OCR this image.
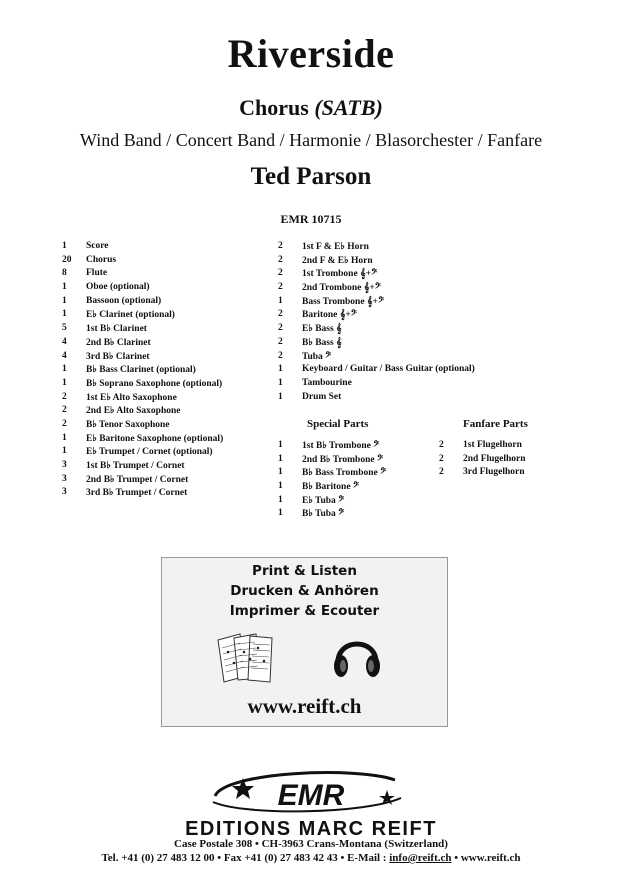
Riverside
Chorus (SATB)
Wind Band / Concert Band / Harmonie / Blasorchester / Fanfare
Ted Parson
EMR 10715
1	Score
20	Chorus
8	Flute
1	Oboe (optional)
1	Bassoon (optional)
1	E♭ Clarinet (optional)
5	1st B♭ Clarinet
4	2nd B♭ Clarinet
4	3rd B♭ Clarinet
1	B♭ Bass Clarinet (optional)
1	B♭ Soprano Saxophone (optional)
2	1st E♭ Alto Saxophone
2	2nd E♭ Alto Saxophone
2	B♭ Tenor Saxophone
1	E♭ Baritone Saxophone (optional)
1	E♭ Trumpet / Cornet (optional)
3	1st B♭ Trumpet / Cornet
3	2nd B♭ Trumpet / Cornet
3	3rd B♭ Trumpet / Cornet
2	1st F & E♭ Horn
2	2nd F & E♭ Horn
2	1st Trombone 𝄞+𝄢
2	2nd Trombone 𝄞+𝄢
1	Bass Trombone 𝄞+𝄢
2	Baritone 𝄞+𝄢
2	E♭ Bass 𝄞
2	B♭ Bass 𝄞
2	Tuba 𝄢
1	Keyboard / Guitar / Bass Guitar (optional)
1	Tambourine
1	Drum Set
Special Parts	Fanfare Parts
1	1st B♭ Trombone 𝄢
1	2nd B♭ Trombone 𝄢
1	B♭ Bass Trombone 𝄢
1	B♭ Baritone 𝄢
1	E♭ Tuba 𝄢
1	B♭ Tuba 𝄢
2	1st Flugelhorn
2	2nd Flugelhorn
2	3rd Flugelhorn
Print & Listen
Drucken & Anhören
Imprimer & Ecouter
www.reift.ch
EMR
EDITIONS MARC REIFT
Case Postale 308 • CH-3963 Crans-Montana (Switzerland)
Tel. +41 (0) 27 483 12 00 • Fax +41 (0) 27 483 42 43 • E-Mail : info@reift.ch • www.reift.ch
